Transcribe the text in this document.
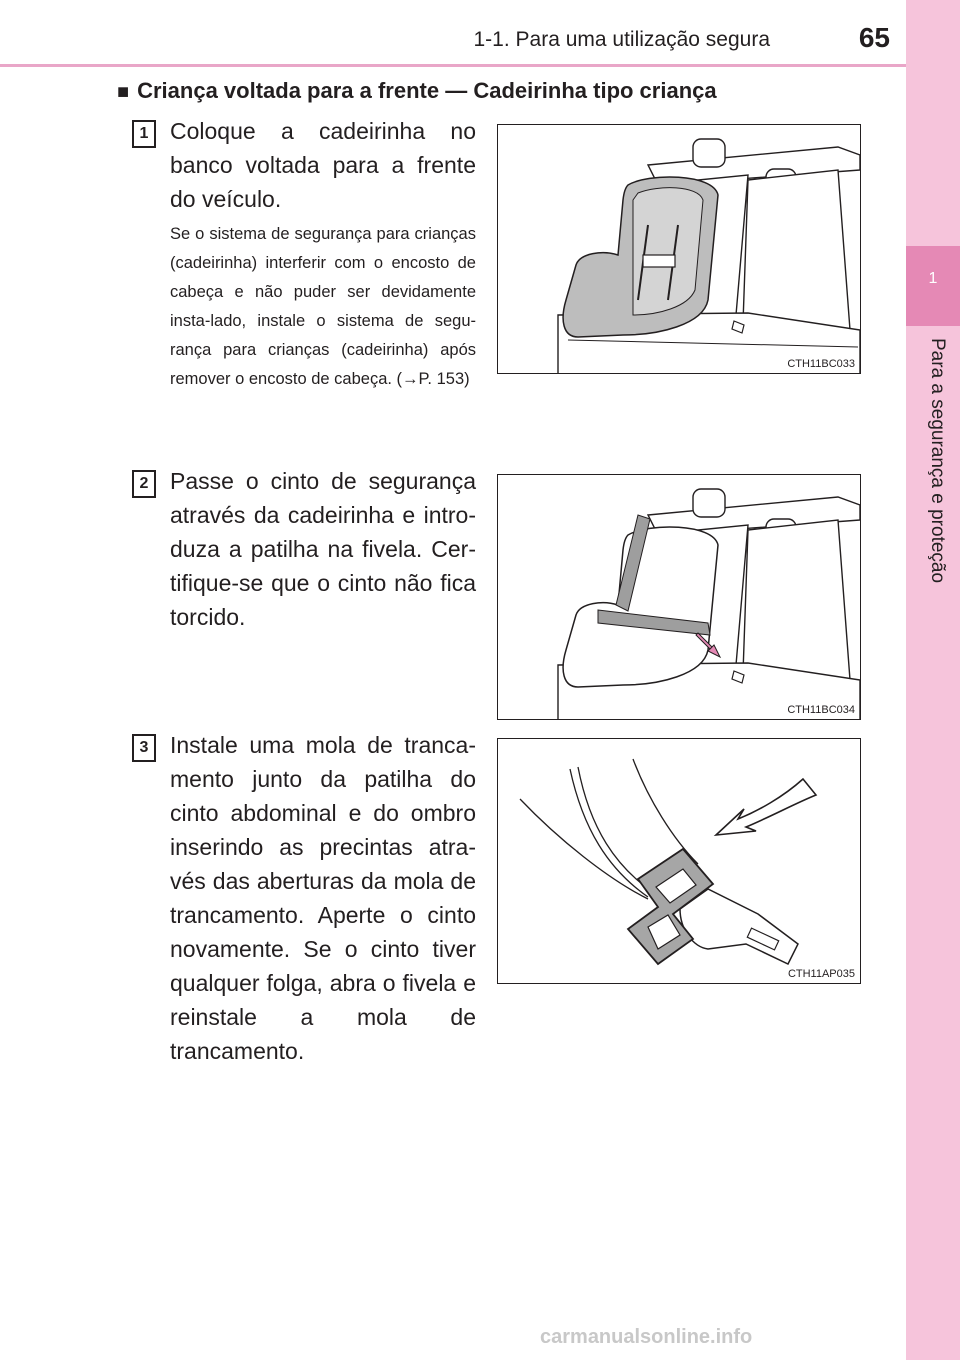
1-1. Para uma utilização segura	65
1
Para a segurança e proteção
■ Criança voltada para a frente — Cadeirinha tipo criança
1 Coloque a cadeirinha no banco voltada para a frente do veículo.
Se o sistema de segurança para crianças (cadeirinha) interferir com o encosto de cabeça e não puder ser devidamente insta-lado, instale o sistema de segu-rança para crianças (cadeirinha) após remover o encosto de cabeça. (→P. 153)
CTH11BC033
2 Passe o cinto de segurança através da cadeirinha e intro-duza a patilha na fivela. Cer-tifique-se que o cinto não fica torcido.
CTH11BC034
3 Instale uma mola de tranca-mento junto da patilha do cinto abdominal e do ombro inserindo as precintas atra-vés das aberturas da mola de trancamento. Aperte o cinto novamente. Se o cinto tiver qualquer folga, abra o fivela e reinstale a mola de trancamento.
CTH11AP035
carmanualsonline.info
